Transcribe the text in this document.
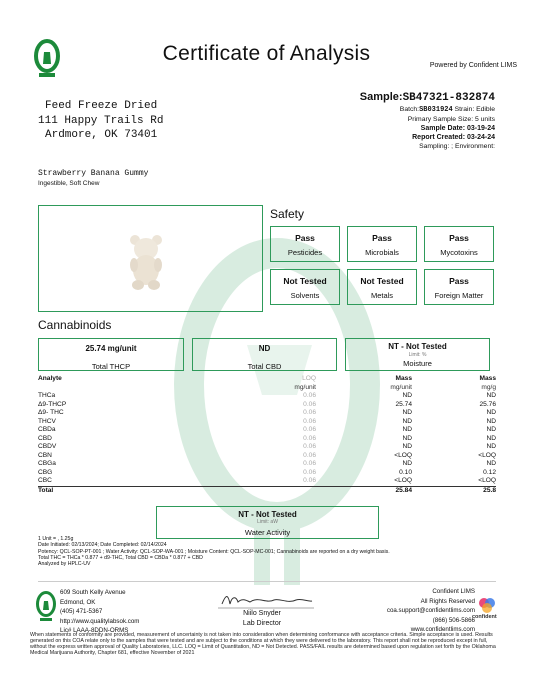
Certificate of Analysis
Powered by Confident LIMS
Feed Freeze Dried
111 Happy Trails Rd
Ardmore, OK 73401
Sample:SB47321-832874
Batch:SB031924 Strain: Edible
Primary Sample Size: 5 units
Sample Date: 03-19-24
Report Created: 03-24-24
Sampling: ; Environment:
Strawberry Banana Gummy
Ingestible, Soft Chew
Safety
Pass
Pesticides
Pass
Microbials
Pass
Mycotoxins
Not Tested
Solvents
Not Tested
Metals
Pass
Foreign Matter
Cannabinoids
25.74 mg/unit
Total THCP
ND
Total CBD
NT - Not Tested
Limit: %
Moisture
Analyte	LOQ	Mass	Mass
	mg/unit	mg/unit	mg/g
THCa	0.06	ND	ND
Δ9-THCP	0.06	25.74	25.76
Δ9- THC	0.06	ND	ND
THCV	0.06	ND	ND
CBDa	0.06	ND	ND
CBD	0.06	ND	ND
CBDV	0.06	ND	ND
CBN	0.06	<LOQ	<LOQ
CBGa	0.06	ND	ND
CBG	0.06	0.10	0.12
CBC	0.06	<LOQ	<LOQ
Total		25.84	25.8
NT - Not Tested
Limit: aW
Water Activity
1 Unit = , 1.25g
Date Initiated: 02/13/2024; Date Completed: 02/14/2024
Potency: QCL-SOP-PT-001 ; Water Activity: QCL-SOP-WA-001 ; Moisture Content: QCL-SOP-MC-001; Cannabinoids are reported on a dry weight basis.
Total THC = THCa * 0.877 + d9-THC, Total CBD = CBDa * 0.877 + CBD
Analyzed by HPLC-UV
609 South Kelly Avenue
Edmond, OK
(405) 471-5367
http://www.qualitylabsok.com
Lic# LAAA-8DDN-ORMS
Niilo Snyder
Lab Director
Confident LIMS
All Rights Reserved
coa.support@confidentlims.com
(866) 506-5866
www.confidentlims.com
confident
When statements of conformity are provided, measurement of uncertainty is not taken into consideration when determining conformance with acceptance criteria. Simple acceptance is used. Results generated on this COA relate only to the samples that were tested and are subject to the conditions at which they were delivered to the laboratory. This report shall not be reproduced except in full, without the express written approval of Quality Laboratories, LLC. LOQ = Limit of Quantitation, ND = Not Detected. PASS/FAIL results are determined based upon regulation set forth by the Oklahoma Medical Marijuana Authority, Chapter 681, effective November of 2021
